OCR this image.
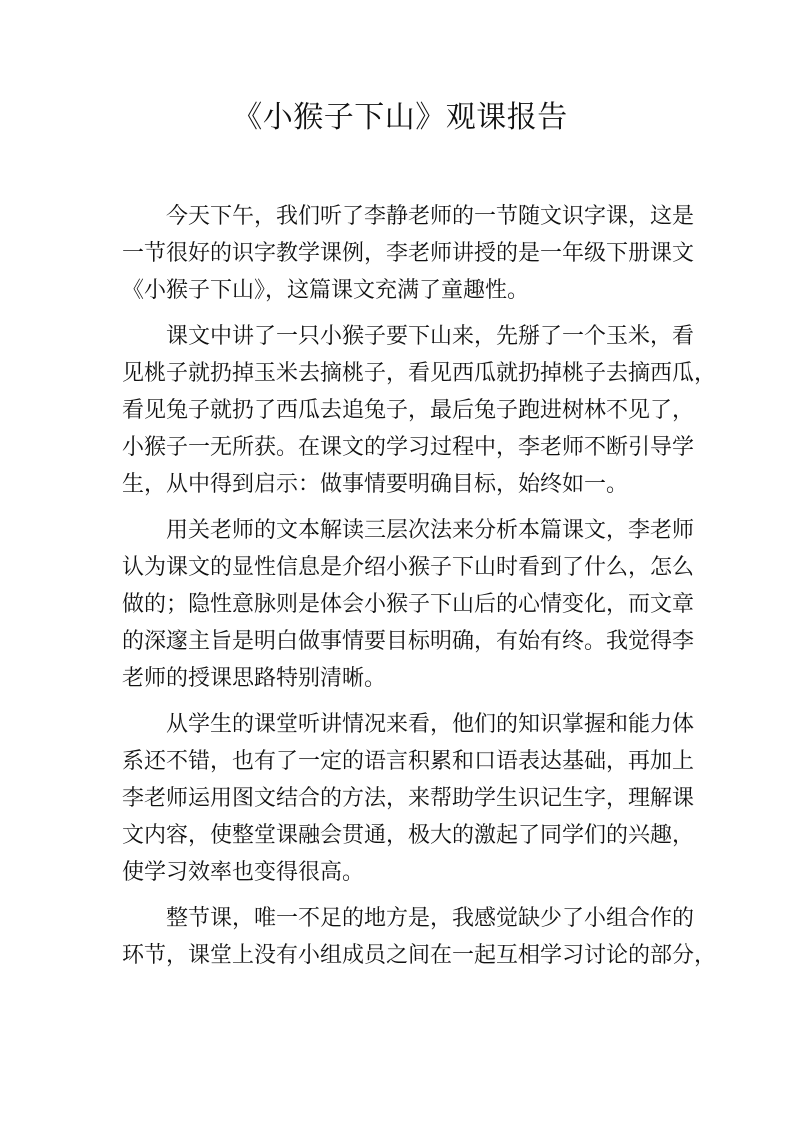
《小猴子下山》观课报告

今天下午，我们听了李静老师的一节随文识字课，这是
一节很好的识字教学课例，李老师讲授的是一年级下册课文
《小猴子下山》，这篇课文充满了童趣性。

课文中讲了一只小猴子要下山来，先掰了一个玉米，看
见桃子就扔掉玉米去摘桃子，看见西瓜就扔掉桃子去摘西瓜，
看见兔子就扔了西瓜去追兔子，最后兔子跑进树林不见了，
小猴子一无所获。在课文的学习过程中，李老师不断引导学
生，从中得到启示：做事情要明确目标，始终如一。

用关老师的文本解读三层次法来分析本篇课文，李老师
认为课文的显性信息是介绍小猴子下山时看到了什么，怎么
做的；隐性意脉则是体会小猴子下山后的心情变化，而文章
的深邃主旨是明白做事情要目标明确，有始有终。我觉得李
老师的授课思路特别清晰。

从学生的课堂听讲情况来看，他们的知识掌握和能力体
系还不错，也有了一定的语言积累和口语表达基础，再加上
李老师运用图文结合的方法，来帮助学生识记生字，理解课
文内容，使整堂课融会贯通，极大的激起了同学们的兴趣，
使学习效率也变得很高。

整节课，唯一不足的地方是，我感觉缺少了小组合作的
环节，课堂上没有小组成员之间在一起互相学习讨论的部分，
